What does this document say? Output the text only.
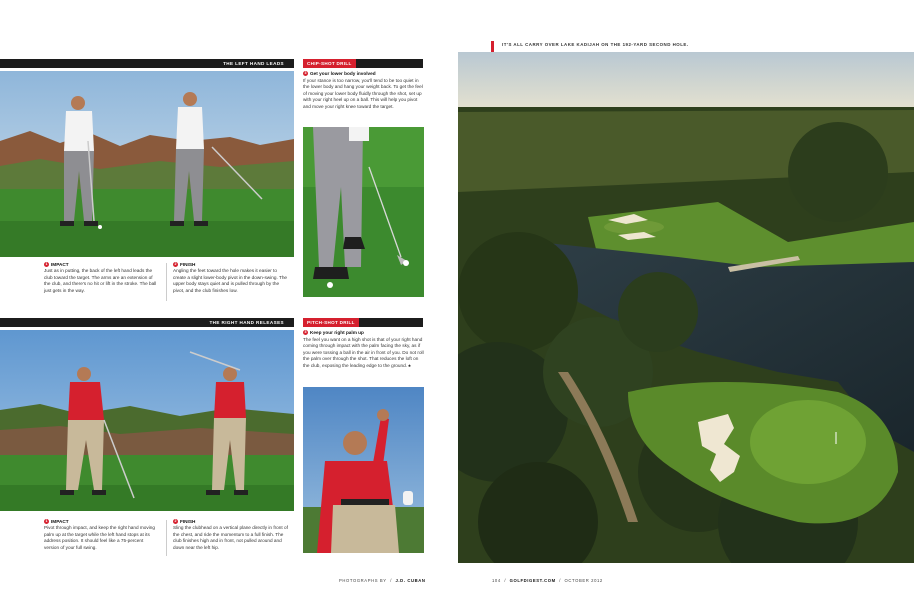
THE LEFT HAND LEADS
1 IMPACT
Just as in putting, the back of the left hand leads the club toward the target. The arms are an extension of the club, and there's no hit or lift in the stroke. The ball just gets in the way.
2 FINISH
Angling the feet toward the hole makes it easier to create a slight lower-body pivot in the down-swing. The upper body stays quiet and is pulled through by the pivot, and the club finishes low.
CHIP-SHOT DRILL
3 Get your lower body involved
If your stance is too narrow, you'll tend to be too quiet in the lower body and hang your weight back. To get the feel of moving your lower body fluidly through the shot, set up with your right heel up on a ball. This will help you pivot and move your right knee toward the target.
THE RIGHT HAND RELEASES
1 IMPACT
Pivot through impact, and keep the right hand moving palm up at the target while the left hand stops at its address position. It should feel like a 75-percent version of your full swing.
2 FINISH
Sling the clubhead on a vertical plane directly in front of the chest, and ride the momentum to a full finish. The club finishes high and in front, not pulled around and down near the left hip.
PITCH-SHOT DRILL
3 Keep your right palm up
The feel you want on a high shot is that of your right hand coming through impact with the palm facing the sky, as if you were tossing a ball in the air in front of you. Do not roll the palm over through the shot. That reduces the loft on the club, exposing the leading edge to the ground. ♠
IT'S ALL CARRY OVER LAKE KADIJAH ON THE 192-YARD SECOND HOLE.
PHOTOGRAPHS BY / J.D. CUBAN	104 / GOLFDIGEST.COM / OCTOBER 2012
